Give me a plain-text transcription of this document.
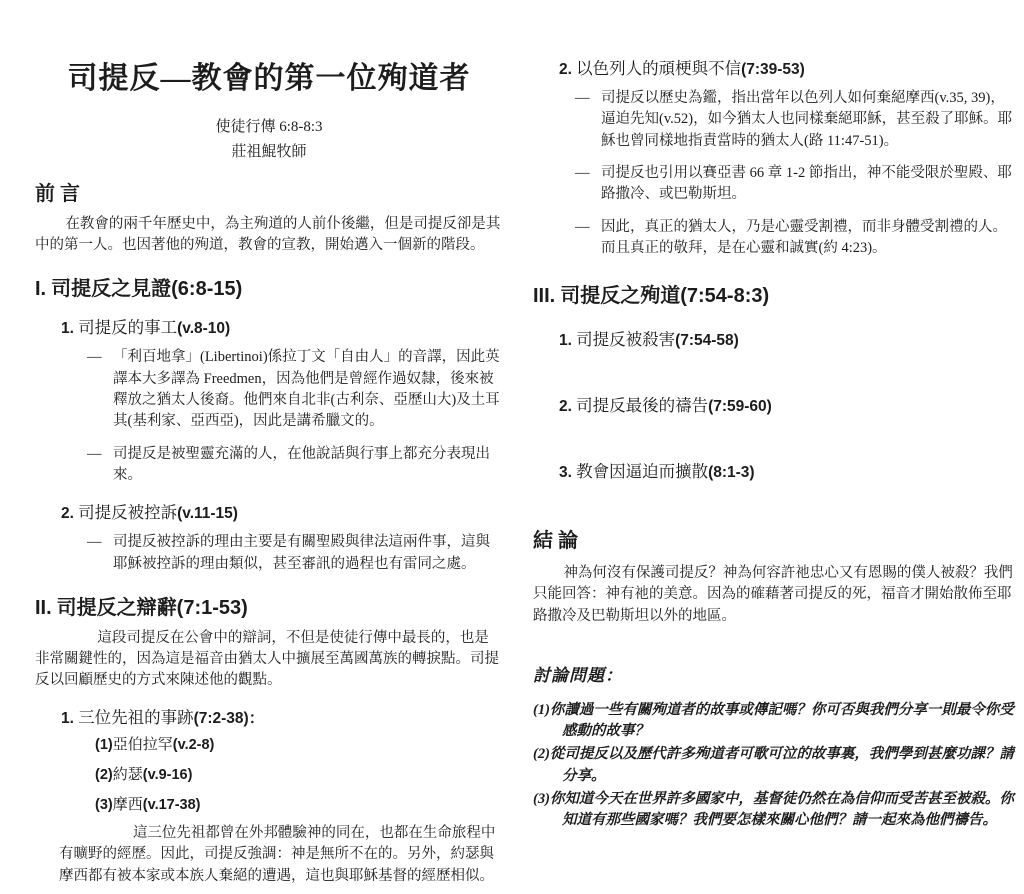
司提反—教會的第一位殉道者
使徒行傳 6:8-8:3
莊祖鯤牧師
前 言

在教會的兩千年歷史中，為主殉道的人前仆後繼，但是司提反卻是其中的第一人。也因著他的殉道，教會的宣教，開始邁入一個新的階段。

I. 司提反之見證(6:8-15)
1. 司提反的事工(v.8-10)
— 「利百地拿」(Libertinoi)係拉丁文「自由人」的音譯，因此英譯本大多譯為 Freedmen，因為他們是曾經作過奴隸，後來被釋放之猶太人後裔。他們來自北非(古利奈、亞歷山大)及土耳其(基利家、亞西亞)，因此是講希臘文的。
— 司提反是被聖靈充滿的人，在他說話與行事上都充分表現出來。
2. 司提反被控訴(v.11-15)
— 司提反被控訴的理由主要是有關聖殿與律法這兩件事，這與耶穌被控訴的理由類似，甚至審訊的過程也有雷同之處。
II. 司提反之辯辭(7:1-53)

這段司提反在公會中的辯詞，不但是使徒行傳中最長的，也是非常關鍵性的，因為這是福音由猶太人中擴展至萬國萬族的轉捩點。司提反以回顧歷史的方式來陳述他的觀點。

1. 三位先祖的事跡(7:2-38)：
(1)亞伯拉罕(v.2-8)
(2)約瑟(v.9-16)
(3)摩西(v.17-38)

這三位先祖都曾在外邦體驗神的同在，也都在生命旅程中有曠野的經歷。因此，司提反強調：神是無所不在的。另外，約瑟與摩西都有被本家或本族人棄絕的遭遇，這也與耶穌基督的經歷相似。

2. 以色列人的頑梗與不信(7:39-53)
— 司提反以歷史為鑑，指出當年以色列人如何棄絕摩西(v.35, 39)，逼迫先知(v.52)，如今猶太人也同樣棄絕耶穌，甚至殺了耶穌。耶穌也曾同樣地指責當時的猶太人(路 11:47-51)。
— 司提反也引用以賽亞書 66 章 1-2 節指出，神不能受限於聖殿、耶路撒冷、或巴勒斯坦。
— 因此，真正的猶太人，乃是心靈受割禮，而非身體受割禮的人。而且真正的敬拜，是在心靈和誠實(約 4:23)。
III. 司提反之殉道(7:54-8:3)
1. 司提反被殺害(7:54-58)
2. 司提反最後的禱告(7:59-60)
3. 教會因逼迫而擴散(8:1-3)
結 論

神為何沒有保護司提反？神為何容許祂忠心又有恩賜的僕人被殺？我們只能回答：神有祂的美意。因為的確藉著司提反的死，福音才開始散佈至耶路撒冷及巴勒斯坦以外的地區。

討論問題：

(1)你讀過一些有關殉道者的故事或傳記嗎？你可否與我們分享一則最令你受感動的故事？

(2)從司提反以及歷代許多殉道者可歌可泣的故事裏，我們學到甚麼功課？請分享。

(3)你知道今天在世界許多國家中，基督徒仍然在為信仰而受苦甚至被殺。你知道有那些國家嗎？我們要怎樣來關心他們？請一起來為他們禱告。
